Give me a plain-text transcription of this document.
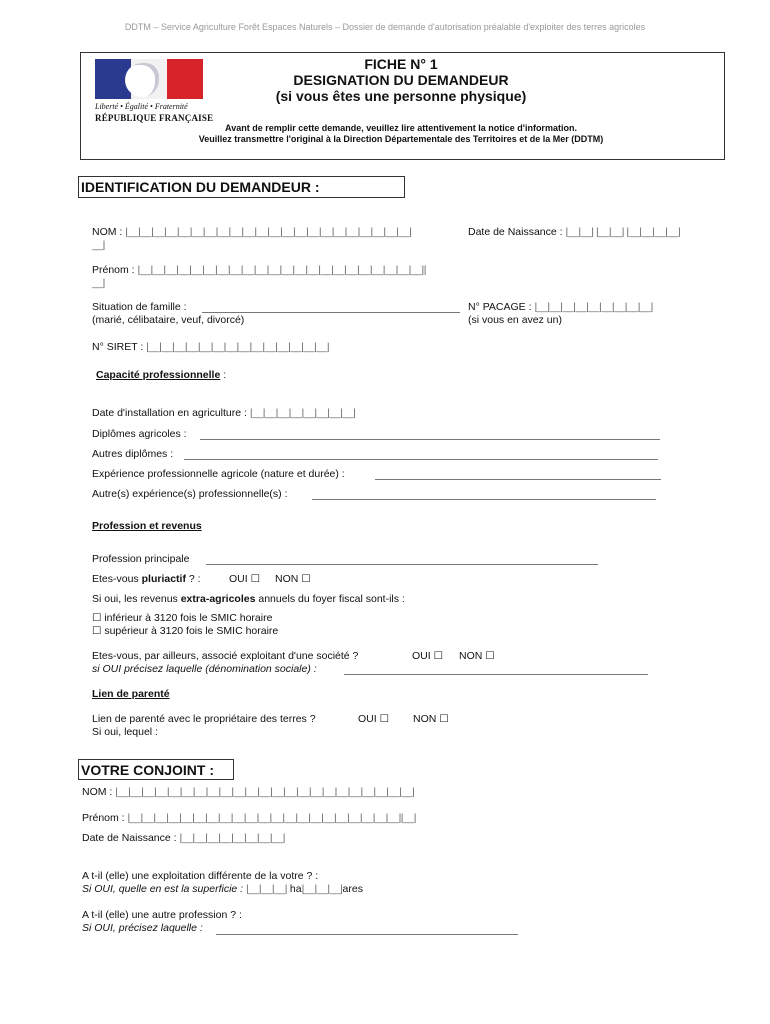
DDTM – Service Agriculture Forêt Espaces Naturels – Dossier de demande d'autorisation préalable d'exploiter des terres agricoles
Liberté • Égalité • Fraternité
RÉPUBLIQUE FRANÇAISE
FICHE N° 1
DESIGNATION DU DEMANDEUR
(si vous êtes une personne physique)
Avant de remplir cette demande, veuillez lire attentivement la notice d'information.
Veuillez transmettre l'original à la Direction Départementale des Territoires et de la Mer (DDTM)
IDENTIFICATION DU DEMANDEUR :
NOM : |__|__|__|__|__|__|__|__|__|__|__|__|__|__|__|__|__|__|__|__|__|__|
__|
Date de Naissance : |__|__| |__|__| |__|__|__|__|
Prénom : |__|__|__|__|__|__|__|__|__|__|__|__|__|__|__|__|__|__|__|__|__|__||
__|
Situation de famille :
(marié, célibataire, veuf, divorcé)
N° PACAGE : |__|__|__|__|__|__|__|__|__|
(si vous en avez un)
N° SIRET : |__|__|__|__|__|__|__|__|__|__|__|__|__|__|
Capacité professionnelle :
Date d'installation en agriculture : |__|__|__|__|__|__|__|__|
Diplômes agricoles :
Autres diplômes :
Expérience professionnelle agricole (nature et durée) :
Autre(s) expérience(s) professionnelle(s) :
Profession et revenus
Profession principale
Etes-vous pluriactif ? :	OUI ☐ NON ☐
Si oui, les revenus extra-agricoles annuels du foyer fiscal sont-ils :
☐ inférieur à 3120 fois le SMIC horaire
☐ supérieur à 3120 fois le SMIC horaire
Etes-vous, par ailleurs, associé exploitant d'une société ?	OUI ☐ NON ☐
si OUI précisez laquelle (dénomination sociale) :
Lien de parenté
Lien de parenté avec le propriétaire des terres ?	OUI ☐ NON ☐
Si oui, lequel :
VOTRE CONJOINT :
NOM : |__|__|__|__|__|__|__|__|__|__|__|__|__|__|__|__|__|__|__|__|__|__|__|
Prénom : |__|__|__|__|__|__|__|__|__|__|__|__|__|__|__|__|__|__|__|__|__||__|
Date de Naissance : |__|__|__|__|__|__|__|__|
A t-il (elle) une exploitation différente de la votre ? :
Si OUI, quelle en est la superficie : |__|__|__| ha|__|__|__|ares
A t-il (elle) une autre profession ? :
Si OUI, précisez laquelle :
